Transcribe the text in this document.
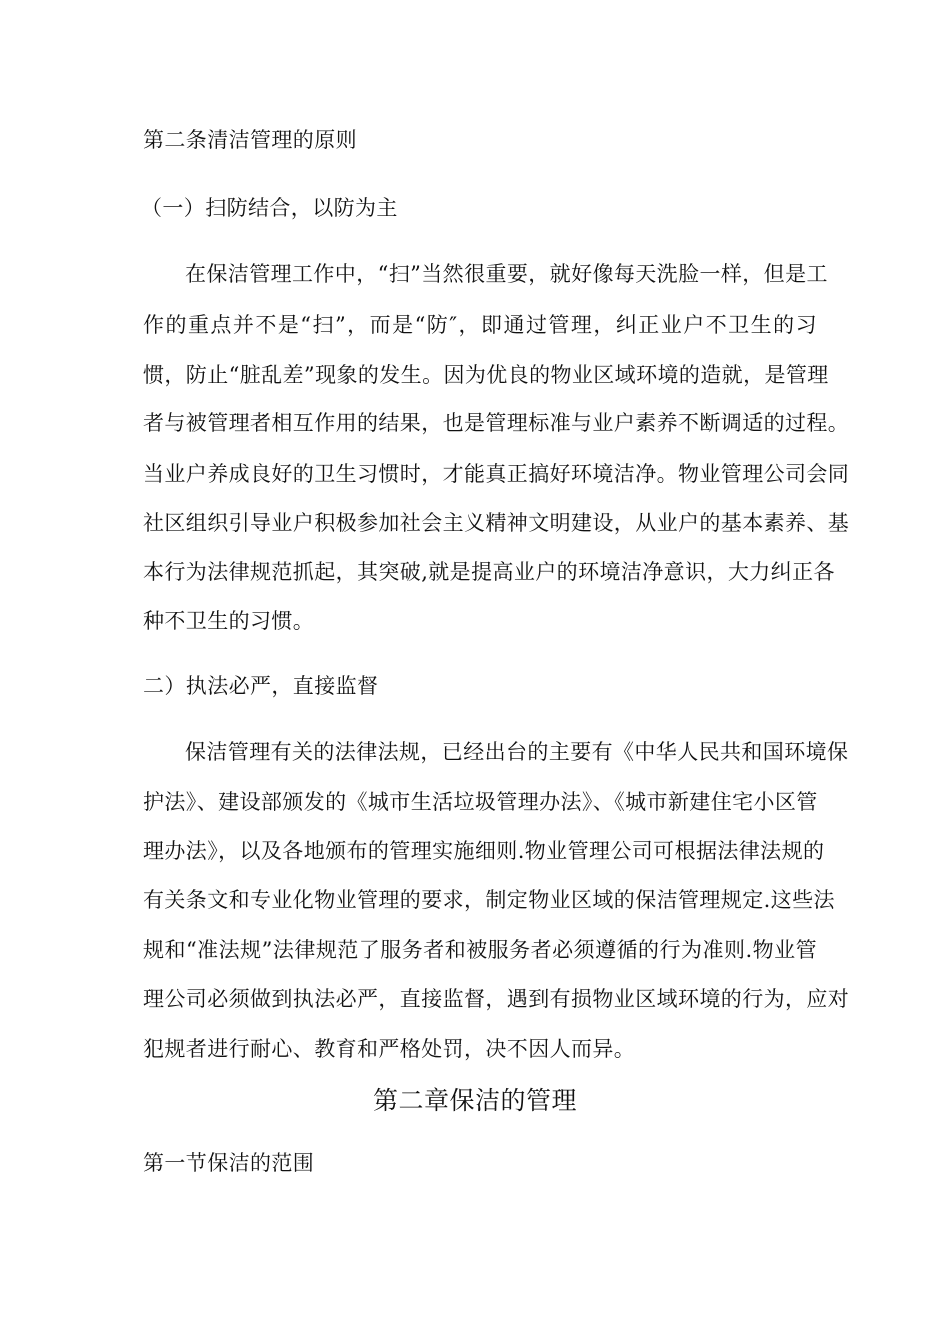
第二条清洁管理的原则
（一）扫防结合，以防为主
在保洁管理工作中，“扫”当然很重要，就好像每天洗脸一样，但是工
作的重点并不是“扫”，而是“防″，即通过管理，纠正业户不卫生的习
惯，防止“脏乱差”现象的发生。因为优良的物业区域环境的造就，是管理
者与被管理者相互作用的结果，也是管理标准与业户素养不断调适的过程。
当业户养成良好的卫生习惯时，才能真正搞好环境洁净。物业管理公司会同
社区组织引导业户积极参加社会主义精神文明建设，从业户的基本素养、基
本行为法律规范抓起，其突破,就是提高业户的环境洁净意识，大力纠正各
种不卫生的习惯。
二）执法必严，直接监督
保洁管理有关的法律法规，已经出台的主要有《中华人民共和国环境保
护法》、建设部颁发的《城市生活垃圾管理办法》、《城市新建住宅小区管
理办法》，以及各地颁布的管理实施细则.物业管理公司可根据法律法规的
有关条文和专业化物业管理的要求，制定物业区域的保洁管理规定.这些法
规和“准法规”法律规范了服务者和被服务者必须遵循的行为准则.物业管
理公司必须做到执法必严，直接监督，遇到有损物业区域环境的行为，应对
犯规者进行耐心、教育和严格处罚，决不因人而异。
第二章保洁的管理
第一节保洁的范围
